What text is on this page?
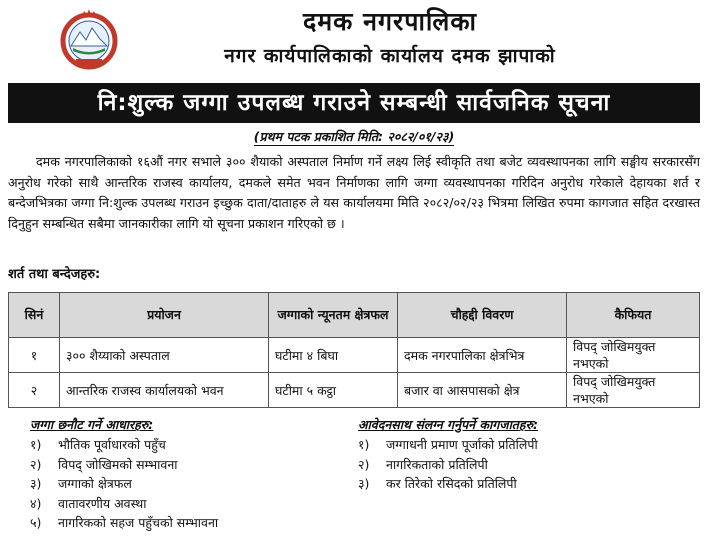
दमक नगरपालिका
नगर कार्यपालिकाको कार्यालय दमक झापाको
नि:शुल्क जग्गा उपलब्ध गराउने सम्बन्धी सार्वजनिक सूचना
(प्रथम पटक प्रकाशित मिति: २०८२/०१/२३)
दमक नगरपालिकाको १६औं नगर सभाले ३०० शैयाको अस्पताल निर्माण गर्ने लक्ष्य लिई स्वीकृति तथा बजेट व्यवस्थापनका लागि सङ्घीय सरकारसँग अनुरोध गरेको साथै आन्तरिक राजस्व कार्यालय, दमकले समेत भवन निर्माणका लागि जग्गा व्यवस्थापनका गरिदिन अनुरोध गरेकाले देहायका शर्त र बन्देजभित्रका जग्गा नि:शुल्क उपलब्ध गराउन इच्छुक दाता/दाताहरु ले यस कार्यालयमा मिति २०८२/०२/२३ भित्रमा लिखित रुपमा कागजात सहित दरखास्त दिनुहुन सम्बन्धित सबैमा जानकारीका लागि यो सूचना प्रकाशन गरिएको छ ।
शर्त तथा बन्देजहरु:
सिनं	प्रयोजन	जग्गाको न्यूनतम क्षेत्रफल	चौहद्दी विवरण	कैफियत
१	३०० शैय्याको अस्पताल	घटीमा ४ बिघा	दमक नगरपालिका क्षेत्रभित्र	विपद् जोखिमयुक्त नभएको
२	आन्तरिक राजस्व कार्यालयको भवन	घटीमा ५ कट्ठा	बजार वा आसपासको क्षेत्र	विपद् जोखिमयुक्त नभएको
जग्गा छनौट गर्ने आधारहरु:
१) भौतिक पूर्वाधारको पहुँच
२) विपद् जोखिमको सम्भावना
३) जग्गाको क्षेत्रफल
४) वातावरणीय अवस्था
५) नागरिकको सहज पहुँचको सम्भावना
आवेदनसाथ संलग्न गर्नुपर्ने कागजातहरु:
१) जग्गाधनी प्रमाण पूर्जाको प्रतिलिपी
२) नागरिकताको प्रतिलिपी
३) कर तिरेको रसिदको प्रतिलिपी
